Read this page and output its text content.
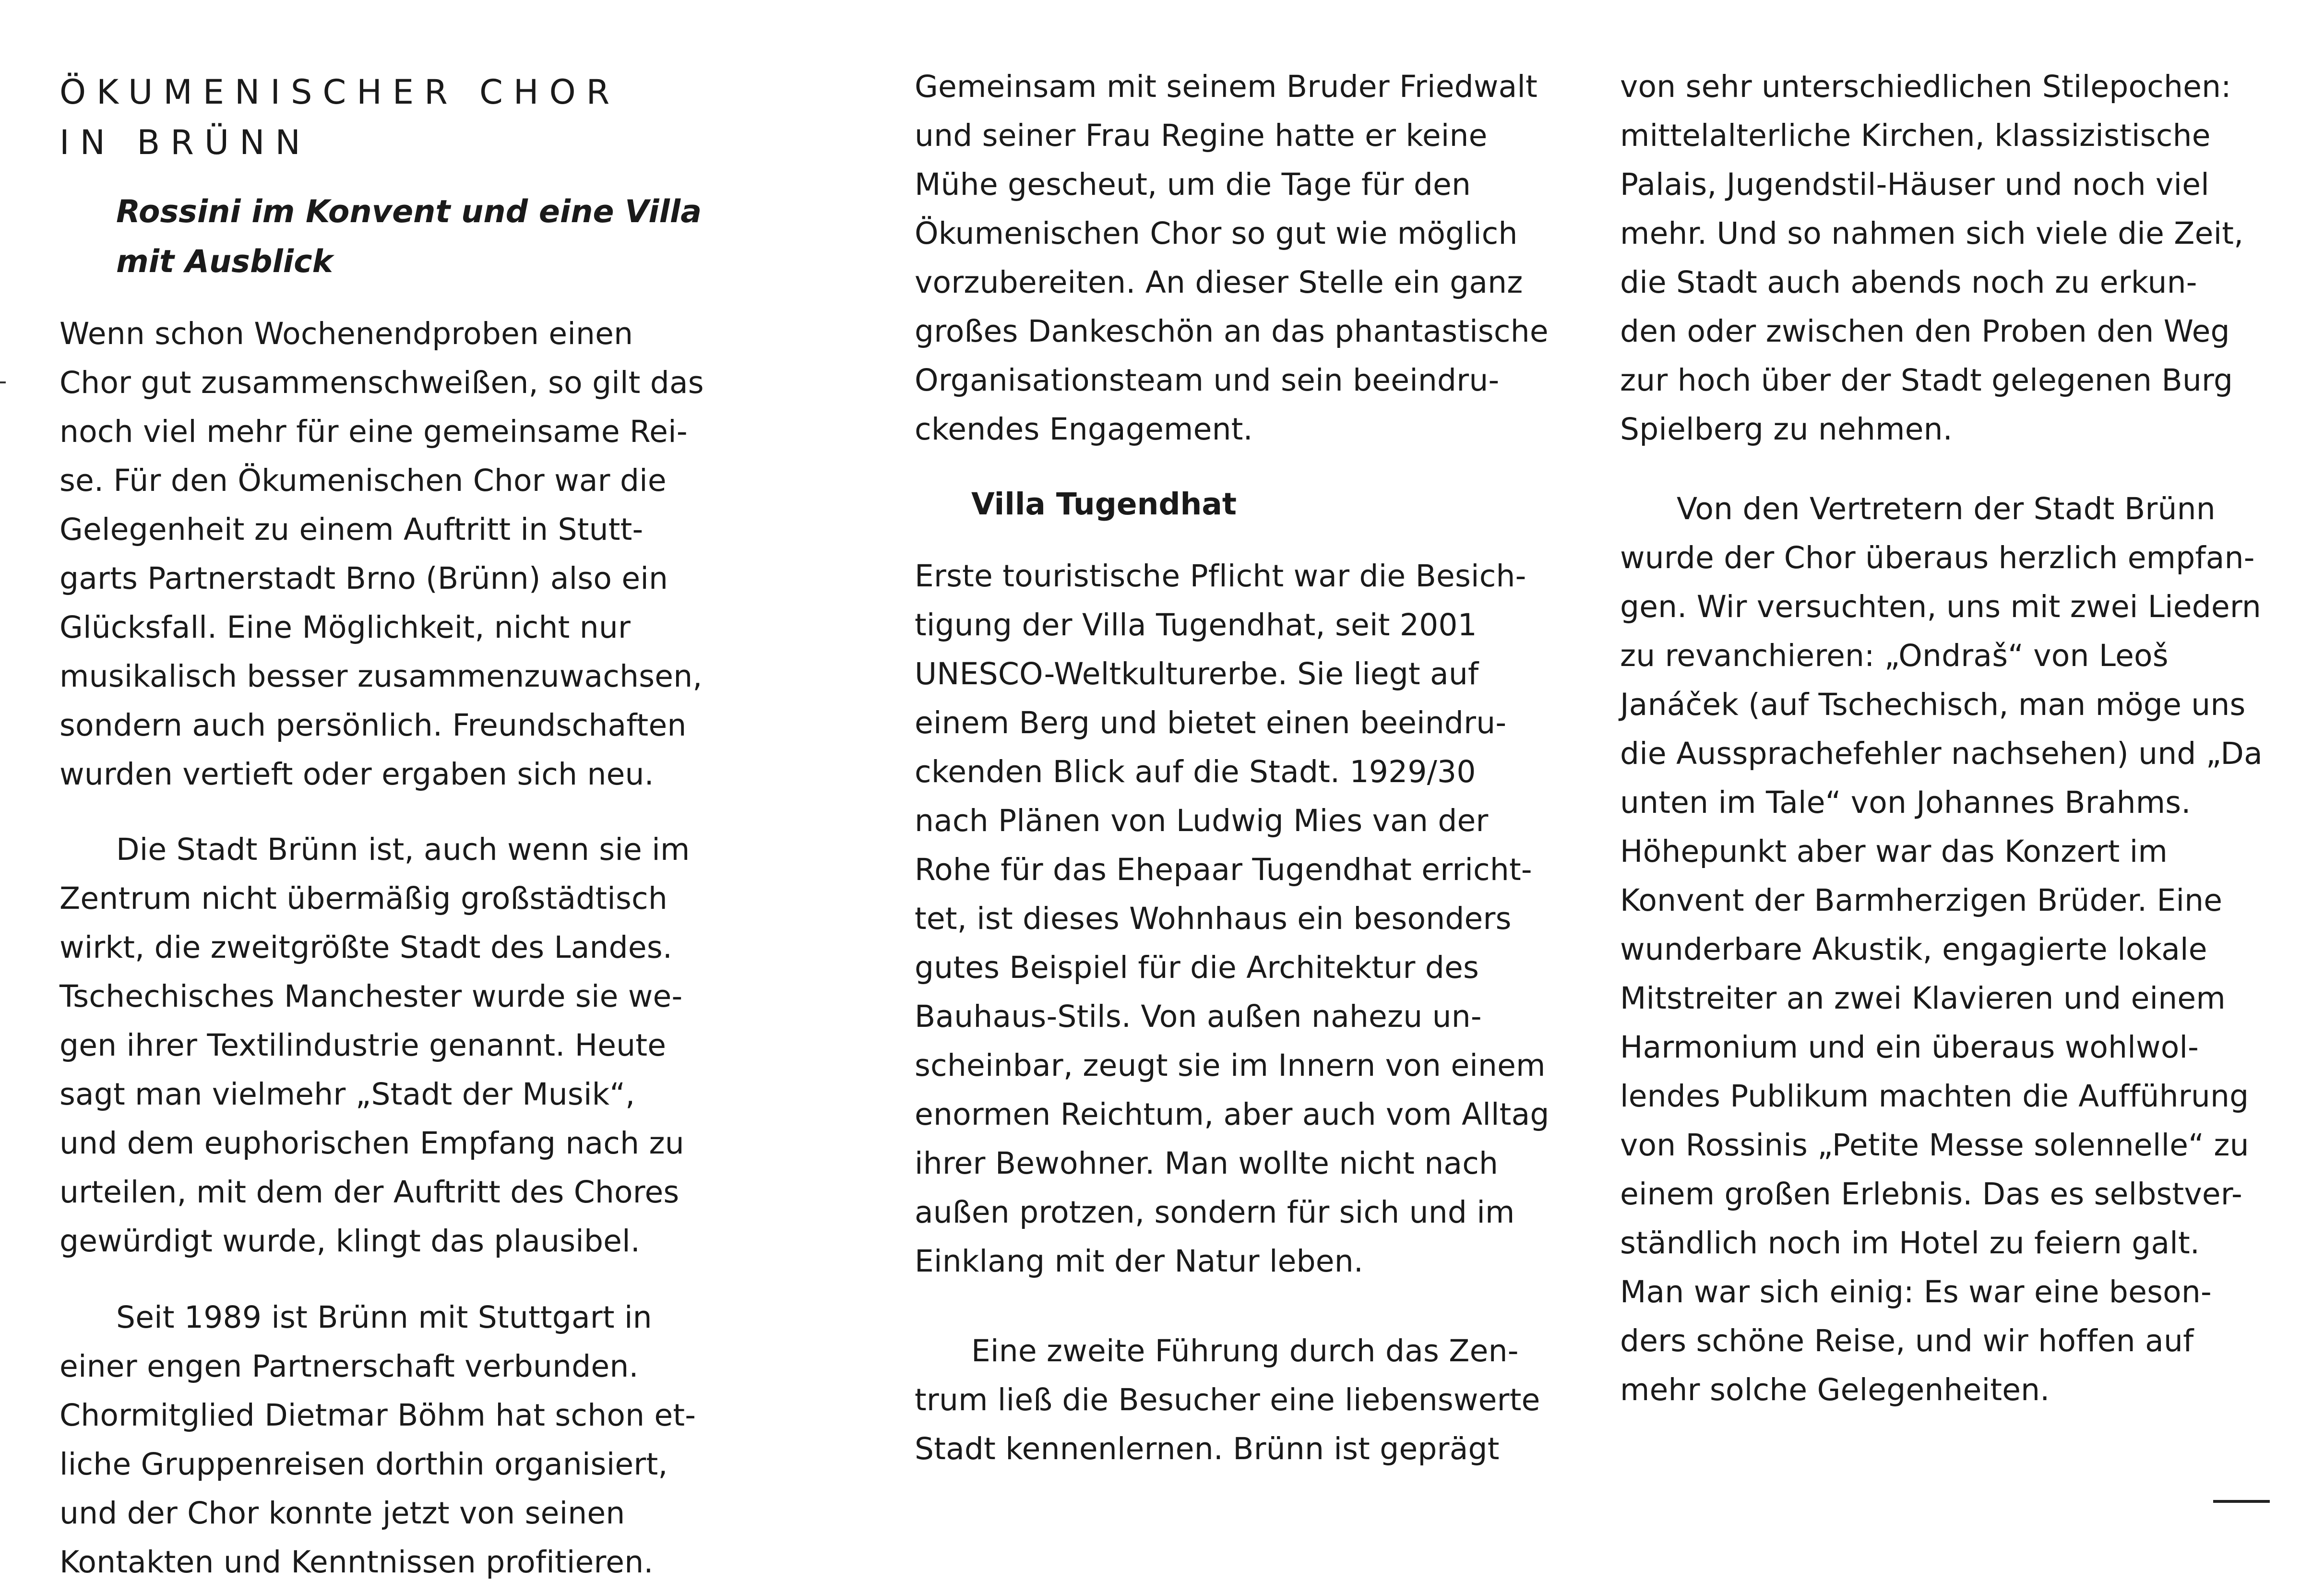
ÖKUMENISCHER CHOR
IN BRÜNN
Rossini im Konvent und eine Villa
mit Ausblick

Wenn schon Wochenendproben einen
Chor gut zusammenschweißen, so gilt das
noch viel mehr für eine gemeinsame Rei-
se. Für den Ökumenischen Chor war die
Gelegenheit zu einem Auftritt in Stutt-
garts Partnerstadt Brno (Brünn) also ein
Glücksfall. Eine Möglichkeit, nicht nur
musikalisch besser zusammenzuwachsen,
sondern auch persönlich. Freundschaften
wurden vertieft oder ergaben sich neu.

Die Stadt Brünn ist, auch wenn sie im
Zentrum nicht übermäßig großstädtisch
wirkt, die zweitgrößte Stadt des Landes.
Tschechisches Manchester wurde sie we-
gen ihrer Textilindustrie genannt. Heute
sagt man vielmehr „Stadt der Musik“,
und dem euphorischen Empfang nach zu
urteilen, mit dem der Auftritt des Chores
gewürdigt wurde, klingt das plausibel.

Seit 1989 ist Brünn mit Stuttgart in
einer engen Partnerschaft verbunden.
Chormitglied Dietmar Böhm hat schon et-
liche Gruppenreisen dorthin organisiert,
und der Chor konnte jetzt von seinen
Kontakten und Kenntnissen profitieren.

Gemeinsam mit seinem Bruder Friedwalt
und seiner Frau Regine hatte er keine
Mühe gescheut, um die Tage für den
Ökumenischen Chor so gut wie möglich
vorzubereiten. An dieser Stelle ein ganz
großes Dankeschön an das phantastische
Organisationsteam und sein beeindru-
ckendes Engagement.

Villa Tugendhat

Erste touristische Pflicht war die Besich-
tigung der Villa Tugendhat, seit 2001
UNESCO-Weltkulturerbe. Sie liegt auf
einem Berg und bietet einen beeindru-
ckenden Blick auf die Stadt. 1929/30
nach Plänen von Ludwig Mies van der
Rohe für das Ehepaar Tugendhat erricht-
tet, ist dieses Wohnhaus ein besonders
gutes Beispiel für die Architektur des
Bauhaus-Stils. Von außen nahezu un-
scheinbar, zeugt sie im Innern von einem
enormen Reichtum, aber auch vom Alltag
ihrer Bewohner. Man wollte nicht nach
außen protzen, sondern für sich und im
Einklang mit der Natur leben.

Eine zweite Führung durch das Zen-
trum ließ die Besucher eine liebenswerte
Stadt kennenlernen. Brünn ist geprägt

von sehr unterschiedlichen Stilepochen:
mittelalterliche Kirchen, klassizistische
Palais, Jugendstil-Häuser und noch viel
mehr. Und so nahmen sich viele die Zeit,
die Stadt auch abends noch zu erkun-
den oder zwischen den Proben den Weg
zur hoch über der Stadt gelegenen Burg
Spielberg zu nehmen.

Von den Vertretern der Stadt Brünn
wurde der Chor überaus herzlich empfan-
gen. Wir versuchten, uns mit zwei Liedern
zu revanchieren: „Ondraš“ von Leoš
Janáček (auf Tschechisch, man möge uns
die Aussprachefehler nachsehen) und „Da
unten im Tale“ von Johannes Brahms.
Höhepunkt aber war das Konzert im
Konvent der Barmherzigen Brüder. Eine
wunderbare Akustik, engagierte lokale
Mitstreiter an zwei Klavieren und einem
Harmonium und ein überaus wohlwol-
lendes Publikum machten die Aufführung
von Rossinis „Petite Messe solennelle“ zu
einem großen Erlebnis. Das es selbstver-
ständlich noch im Hotel zu feiern galt.
Man war sich einig: Es war eine beson-
ders schöne Reise, und wir hoffen auf
mehr solche Gelegenheiten.
